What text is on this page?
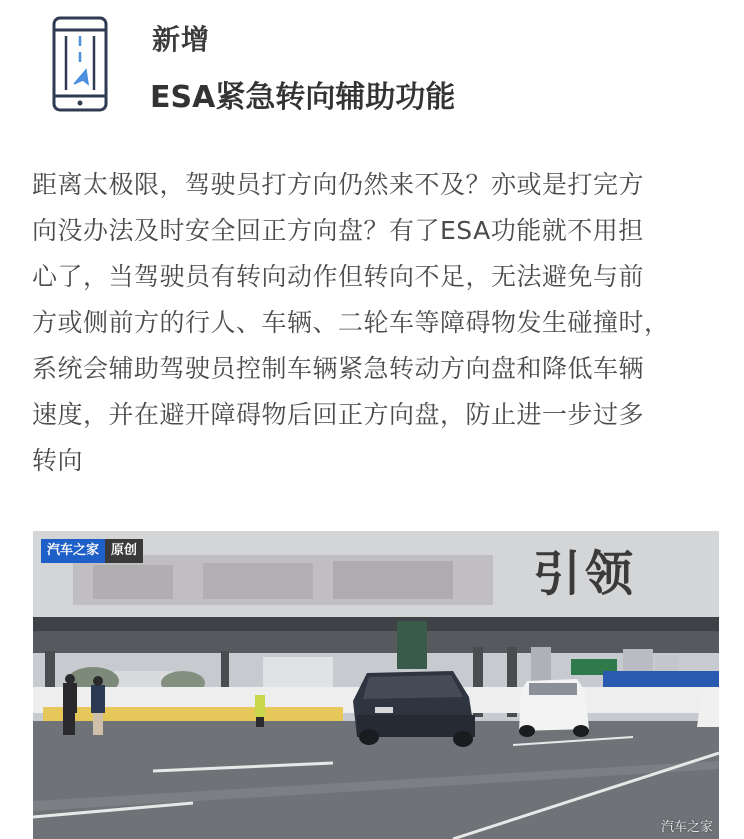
新增
ESA紧急转向辅助功能
距离太极限，驾驶员打方向仍然来不及？亦或是打完方
向没办法及时安全回正方向盘？有了ESA功能就不用担
心了，当驾驶员有转向动作但转向不足，无法避免与前
方或侧前方的行人、车辆、二轮车等障碍物发生碰撞时，
系统会辅助驾驶员控制车辆紧急转动方向盘和降低车辆
速度，并在避开障碍物后回正方向盘，防止进一步过多
转向
引领
汽车之家 原创
汽车之家
